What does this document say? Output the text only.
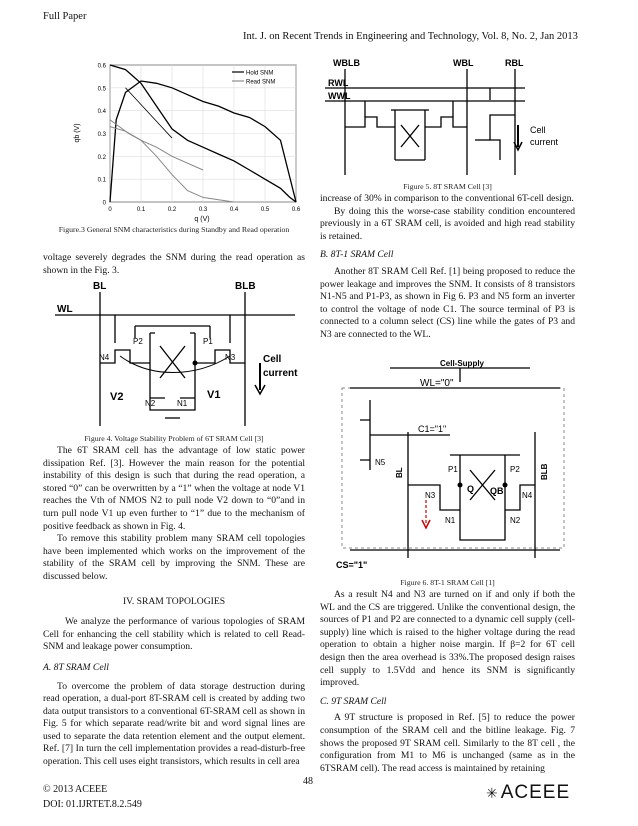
Full Paper
Int. J. on Recent Trends in Engineering and Technology, Vol. 8, No. 2, Jan 2013
0
0.1
0.2
0.3
0.4
0.5
0.6
0	0.1	0.2	0.3	0.4	0.5	0.6
qb (V)
q (V)
Hold SNM
Read SNM
Figure.3 General SNM characteristics during Standby and Read operation

voltage severely degrades the SNM during the read operation as shown in the Fig. 3.

BL	BLB
WL
N4
P2	P1
N3
V2	V1
N2	N1
Cell
current
Figure 4. Voltage Stability Problem of 6T SRAM Cell [3]

The 6T SRAM cell has the advantage of low static power dissipation Ref. [3]. However the main reason for the potential instability of this design is such that during the read operation, a stored “0” can be overwritten by a “1” when the voltage at node V1 reaches the Vth of NMOS N2 to pull node V2 down to “0”and in turn pull node V1 up even further to “1” due to the mechanism of positive feedback as shown in Fig. 4.

To remove this stability problem many SRAM cell topologies have been implemented which works on the improvement of the stability of the SRAM cell by improving the SNM. These are discussed below.

IV. SRAM TOPOLOGIES

We analyze the performance of various topologies of SRAM Cell for enhancing the cell stability which is related to cell Read-SNM and leakage power consumption.

A. 8T SRAM Cell

To overcome the problem of data storage destruction during read operation, a dual-port 8T-SRAM cell is created by adding two data output transistors to a conventional 6T-SRAM cell as shown in Fig. 5 for which separate read/write bit and word signal lines are used to separate the data retention element and the output element. Ref. [7] In turn the cell implementation provides a read-disturb-free operation. This cell uses eight transistors, which results in cell area

WBLB	WBL	RBL
RWL
WWL
Cell
current
Figure 5. 8T SRAM Cell [3]

increase of 30% in comparison to the conventional 6T-cell design.

By doing this the worse-case stability condition encountered previously in a 6T SRAM cell, is avoided and high read stability is retained.

B. 8T-1 SRAM Cell

Another 8T SRAM Cell Ref. [1] being proposed to reduce the power leakage and improves the SNM. It consists of 8 transistors N1-N5 and P1-P3, as shown in Fig 6. P3 and N5 form an inverter to control the voltage of node C1. The source terminal of P3 is connected to a column select (CS) line while the gates of P3 and N3 are connected to the WL.

Cell-Supply
WL="0"
C1="1"
N5
P1	P2
N3
Q QB N4
N1	N2
BL	BLB
CS="1"
Figure 6. 8T-1 SRAM Cell [1]

As a result N4 and N3 are turned on if and only if both the WL and the CS are triggered. Unlike the conventional design, the sources of P1 and P2 are connected to a dynamic cell supply (cell-supply) line which is raised to the higher voltage during the read operation to obtain a higher noise margin. If β=2 for 6T cell design then the area overhead is 33%.The proposed design raises cell supply to 1.5Vdd and hence its SNM is significantly improved.

C. 9T SRAM Cell

A 9T structure is proposed in Ref. [5] to reduce the power consumption of the SRAM cell and the bitline leakage. Fig. 7 shows the proposed 9T SRAM cell. Similarly to the 8T cell , the configuration from M1 to M6 is unchanged (same as in the 6TSRAM cell). The read access is maintained by retaining

© 2013 ACEEE
DOI: 01.IJRTET.8.2.549
48
✳ ACEEE
